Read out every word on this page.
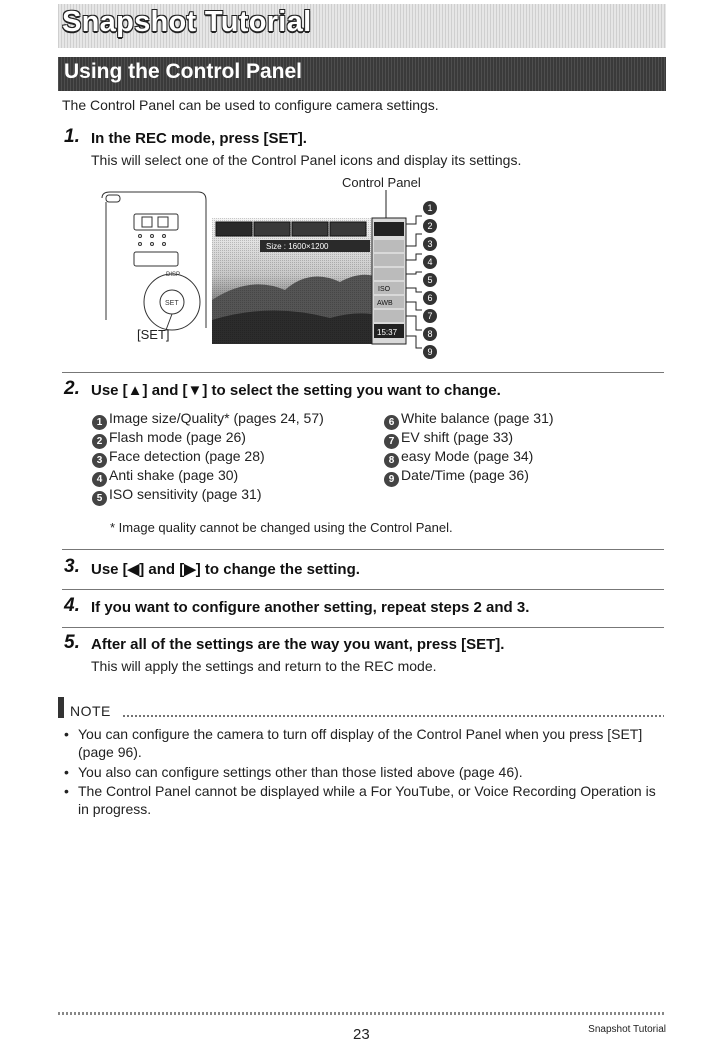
Snapshot Tutorial
Using the Control Panel
The Control Panel can be used to configure camera settings.
1. In the REC mode, press [SET].
This will select one of the Control Panel icons and display its settings.
Control Panel
DISP
SET
Size : 1600×1200
ISO
AWB
15:37
1
2
3
4
5
6
7
8
9
[SET]
2. Use [▲] and [▼] to select the setting you want to change.
1 Image size/Quality* (pages 24, 57)
2 Flash mode (page 26)
3 Face detection (page 28)
4 Anti shake (page 30)
5 ISO sensitivity (page 31)
6 White balance (page 31)
7 EV shift (page 33)
8 easy Mode (page 34)
9 Date/Time (page 36)
* Image quality cannot be changed using the Control Panel.
3. Use [◀] and [▶] to change the setting.
4. If you want to configure another setting, repeat steps 2 and 3.
5. After all of the settings are the way you want, press [SET].
This will apply the settings and return to the REC mode.
NOTE
• You can configure the camera to turn off display of the Control Panel when you press [SET] (page 96).
• You also can configure settings other than those listed above (page 46).
• The Control Panel cannot be displayed while a For YouTube, or Voice Recording Operation is in progress.
23	Snapshot Tutorial
